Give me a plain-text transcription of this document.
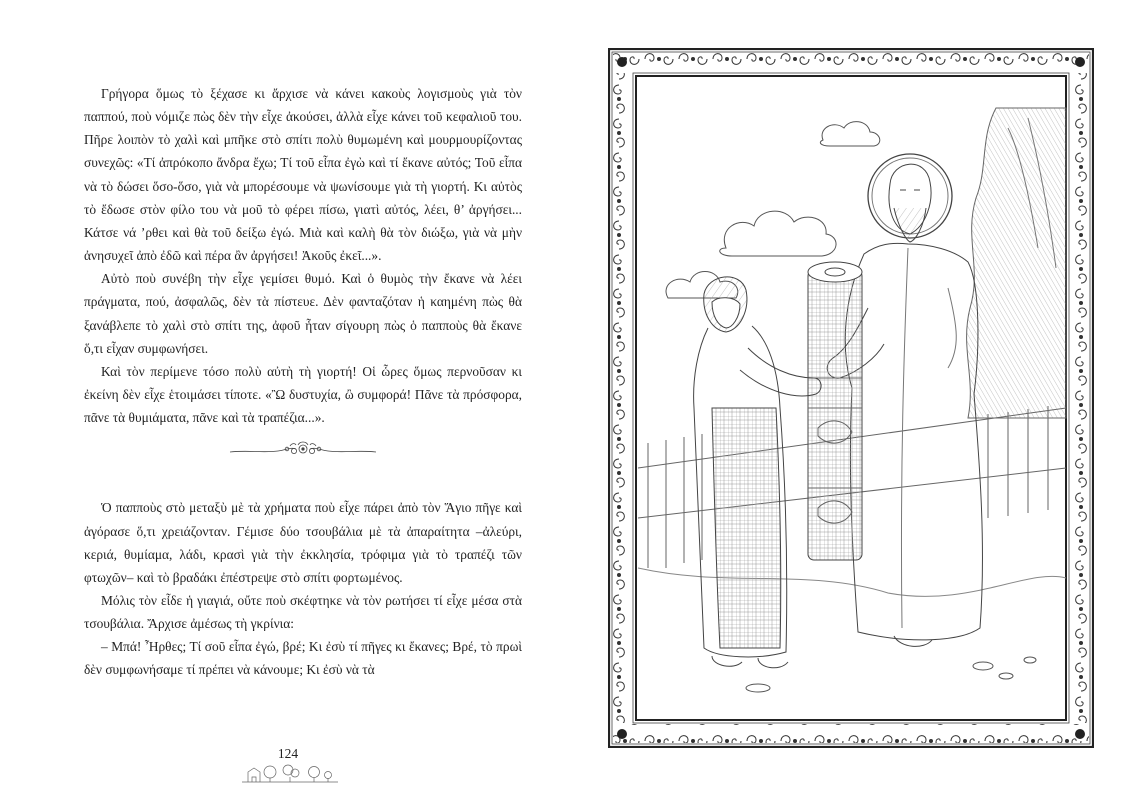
Γρήγορα ὅμως τὸ ξέχασε κι ἄρχισε νὰ κάνει κακοὺς λογισμοὺς γιὰ τὸν παππού, ποὺ νόμιζε πὼς δὲν τὴν εἶχε ἀκούσει, ἀλλὰ εἶχε κάνει τοῦ κεφαλιοῦ του. Πῆρε λοιπὸν τὸ χαλὶ καὶ μπῆκε στὸ σπίτι πολὺ θυμωμένη καὶ μουρμουρίζοντας συνεχῶς: «Τί ἀπρόκοπο ἄνδρα ἔχω; Τί τοῦ εἶπα ἐγὼ καὶ τί ἔκανε αὐτός; Τοῦ εἶπα νὰ τὸ δώσει ὅσο-ὅσο, γιὰ νὰ μπορέσουμε νὰ ψωνίσουμε γιὰ τὴ γιορτή. Κι αὐτὸς τὸ ἔδωσε στὸν φίλο του νὰ μοῦ τὸ φέρει πίσω, γιατὶ αὐτός, λέει, θ’ ἀργήσει... Κάτσε νά ’ρθει καὶ θὰ τοῦ δείξω ἐγώ. Μιὰ καὶ καλὴ θὰ τὸν διώξω, γιὰ νὰ μὴν ἀνησυχεῖ ἀπὸ ἐδῶ καὶ πέρα ἂν ἀργήσει! Ἀκοῦς ἐκεῖ...».

Αὐτὸ ποὺ συνέβη τὴν εἶχε γεμίσει θυμό. Καὶ ὁ θυμὸς τὴν ἔκανε νὰ λέει πράγματα, πού, ἀσφαλῶς, δὲν τὰ πίστευε. Δὲν φανταζόταν ἡ καημένη πὼς θὰ ξανάβλεπε τὸ χαλὶ στὸ σπίτι της, ἀφοῦ ἦταν σίγουρη πὼς ὁ παπποὺς θὰ ἔκανε ὅ,τι εἶχαν συμφωνήσει.

Καὶ τὸν περίμενε τόσο πολὺ αὐτὴ τὴ γιορτή! Οἱ ὧρες ὅμως περνοῦσαν κι ἐκείνη δὲν εἶχε ἑτοιμάσει τίποτε. «Ὢ δυστυχία, ὢ συμφορά! Πᾶνε τὰ πρόσφορα, πᾶνε τὰ θυμιάματα, πᾶνε καὶ τὰ τραπέζια...».

Ὁ παπποὺς στὸ μεταξὺ μὲ τὰ χρήματα ποὺ εἶχε πάρει ἀπὸ τὸν Ἅγιο πῆγε καὶ ἀγόρασε ὅ,τι χρειάζονταν. Γέμισε δύο τσουβάλια μὲ τὰ ἀπαραίτητα –ἀλεύρι, κεριά, θυμίαμα, λάδι, κρασὶ γιὰ τὴν ἐκκλησία, τρόφιμα γιὰ τὸ τραπέζι τῶν φτωχῶν– καὶ τὸ βραδάκι ἐπέστρεψε στὸ σπίτι φορτωμένος.

Μόλις τὸν εἶδε ἡ γιαγιά, οὔτε ποὺ σκέφτηκε νὰ τὸν ρωτήσει τί εἶχε μέσα στὰ τσουβάλια. Ἄρχισε ἀμέσως τὴ γκρίνια:

– Μπά! Ἦρθες; Τί σοῦ εἶπα ἐγώ, βρέ; Κι ἐσὺ τί πῆγες κι ἔκανες; Βρέ, τὸ πρωὶ δὲν συμφωνήσαμε τί πρέπει νὰ κάνουμε; Κι ἐσὺ νὰ τὰ

124
